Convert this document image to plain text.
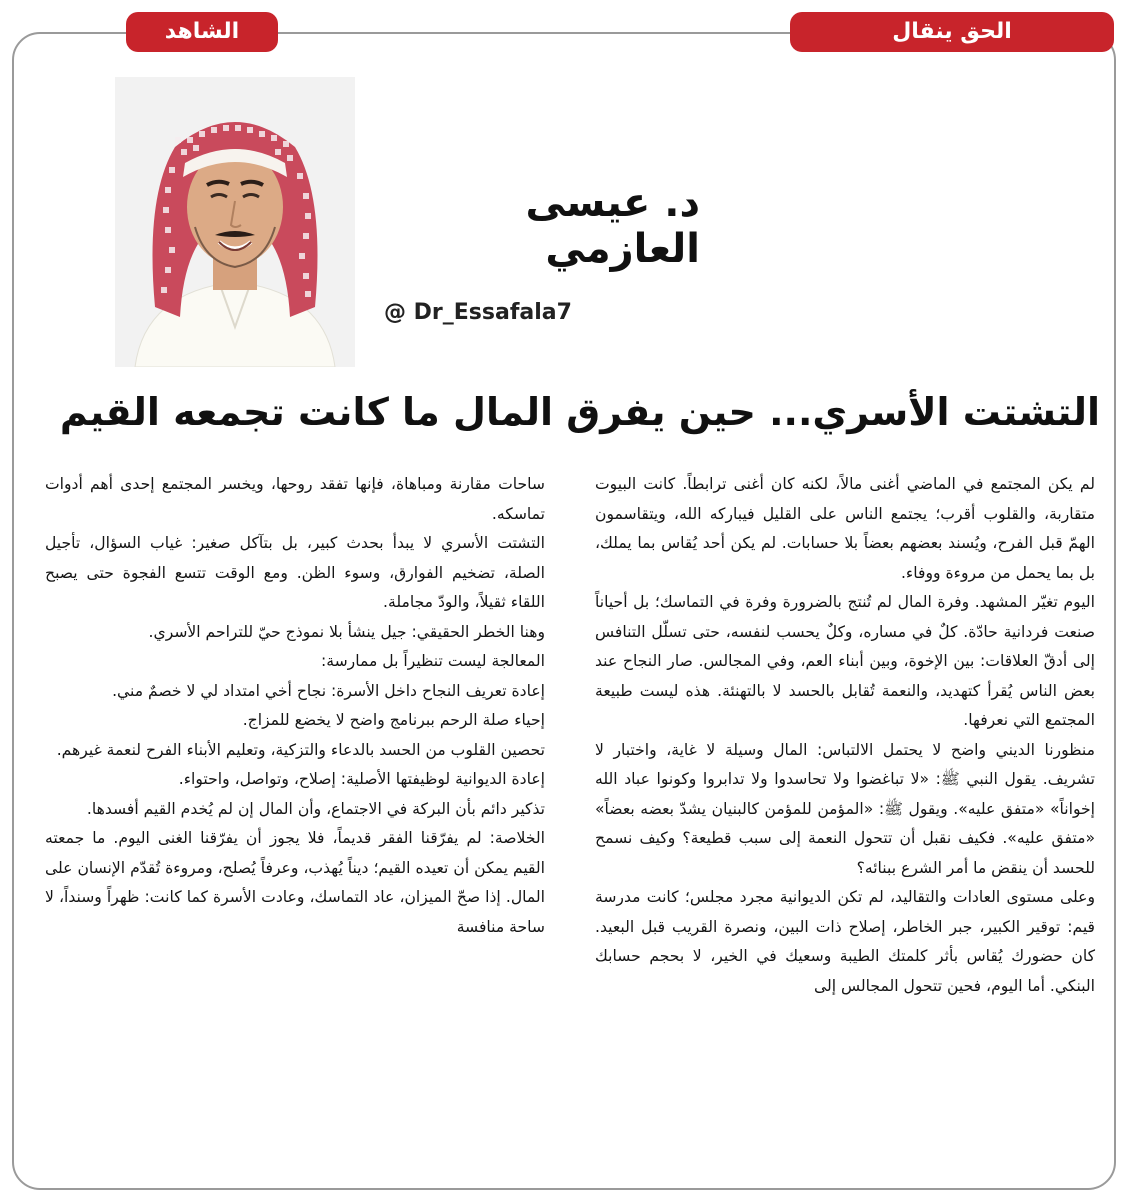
الحق ينقال
الشاهد
د. عيسى العازمي
@ Dr_Essafala7
التشتت الأسري... حين يفرق المال ما كانت تجمعه القيم

لم يكن المجتمع في الماضي أغنى مالاً، لكنه كان أغنى ترابطاً. كانت البيوت متقاربة، والقلوب أقرب؛ يجتمع الناس على القليل فيباركه الله، ويتقاسمون الهمّ قبل الفرح، ويُسند بعضهم بعضاً بلا حسابات. لم يكن أحد يُقاس بما يملك، بل بما يحمل من مروءة ووفاء.

اليوم تغيّر المشهد. وفرة المال لم تُنتج بالضرورة وفرة في التماسك؛ بل أحياناً صنعت فردانية حادّة. كلٌ في مساره، وكلٌ يحسب لنفسه، حتى تسلّل التنافس إلى أدقّ العلاقات: بين الإخوة، وبين أبناء العم، وفي المجالس. صار النجاح عند بعض الناس يُقرأ كتهديد، والنعمة تُقابل بالحسد لا بالتهنئة. هذه ليست طبيعة المجتمع التي نعرفها.

منظورنا الديني واضح لا يحتمل الالتباس: المال وسيلة لا غاية، واختبار لا تشريف. يقول النبي ﷺ: «لا تباغضوا ولا تحاسدوا ولا تدابروا وكونوا عباد الله إخواناً» «متفق عليه». ويقول ﷺ: «المؤمن للمؤمن كالبنيان يشدّ بعضه بعضاً» «متفق عليه». فكيف نقبل أن تتحول النعمة إلى سبب قطيعة؟ وكيف نسمح للحسد أن ينقض ما أمر الشرع ببنائه؟

وعلى مستوى العادات والتقاليد، لم تكن الديوانية مجرد مجلس؛ كانت مدرسة قيم: توقير الكبير، جبر الخاطر، إصلاح ذات البين، ونصرة القريب قبل البعيد. كان حضورك يُقاس بأثر كلمتك الطيبة وسعيك في الخير، لا بحجم حسابك البنكي. أما اليوم، فحين تتحول المجالس إلى

ساحات مقارنة ومباهاة، فإنها تفقد روحها، ويخسر المجتمع إحدى أهم أدوات تماسكه.

التشتت الأسري لا يبدأ بحدث كبير، بل بتآكل صغير: غياب السؤال، تأجيل الصلة، تضخيم الفوارق، وسوء الظن. ومع الوقت تتسع الفجوة حتى يصبح اللقاء ثقيلاً، والودّ مجاملة.

وهنا الخطر الحقيقي: جيل ينشأ بلا نموذج حيّ للتراحم الأسري.

المعالجة ليست تنظيراً بل ممارسة:

إعادة تعريف النجاح داخل الأسرة: نجاح أخي امتداد لي لا خصمٌ مني.

إحياء صلة الرحم ببرنامج واضح لا يخضع للمزاج.

تحصين القلوب من الحسد بالدعاء والتزكية، وتعليم الأبناء الفرح لنعمة غيرهم.

إعادة الديوانية لوظيفتها الأصلية: إصلاح، وتواصل، واحتواء.

تذكير دائم بأن البركة في الاجتماع، وأن المال إن لم يُخدم القيم أفسدها.

الخلاصة: لم يفرّقنا الفقر قديماً، فلا يجوز أن يفرّقنا الغنى اليوم. ما جمعته القيم يمكن أن تعيده القيم؛ ديناً يُهذب، وعرفاً يُصلح، ومروءة تُقدّم الإنسان على المال. إذا صحّ الميزان، عاد التماسك، وعادت الأسرة كما كانت: ظهراً وسنداً، لا ساحة منافسة
